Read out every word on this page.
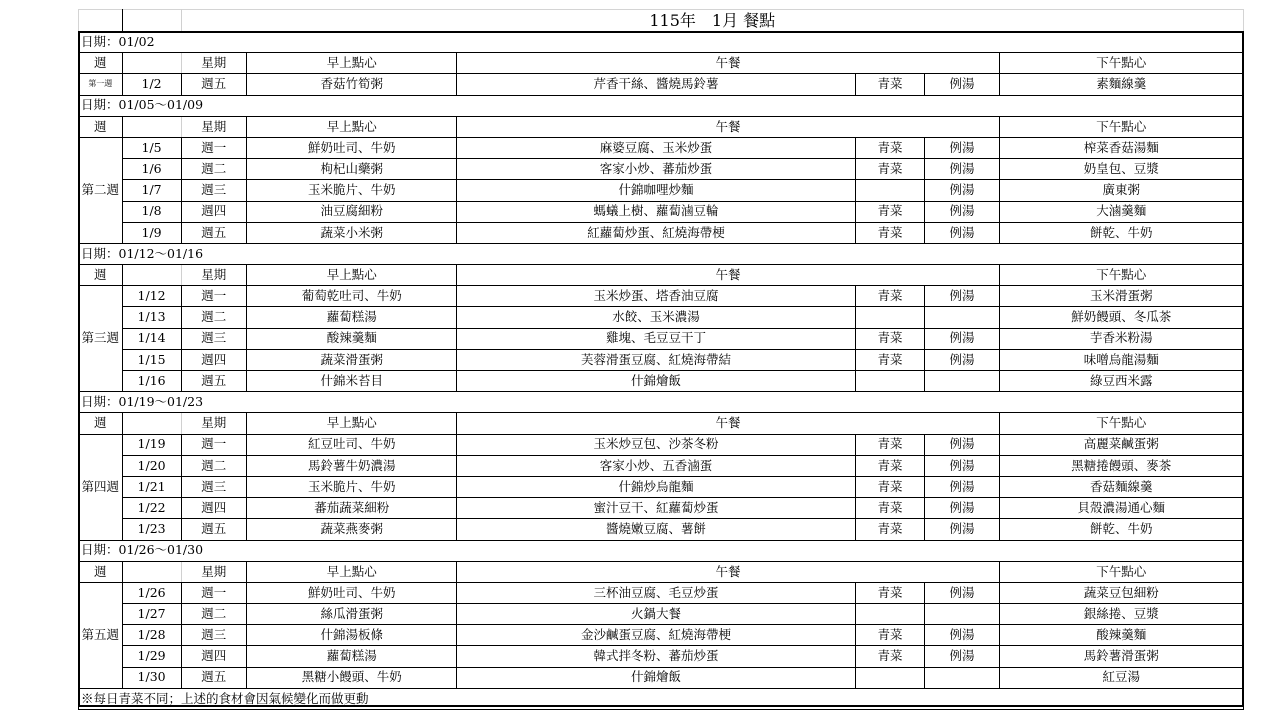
		115年　1月 餐點					
日期：01/02							
週		星期	早上點心	午餐			下午點心
第一週	1/2	週五	香菇竹筍粥	芹香干絲、醬燒馬鈴薯	青菜	例湯	素麵線羹
日期：01/05～01/09							
週		星期	早上點心	午餐			下午點心
第二週	1/5	週一	鮮奶吐司、牛奶	麻婆豆腐、玉米炒蛋	青菜	例湯	榨菜香菇湯麵
	1/6	週二	枸杞山藥粥	客家小炒、蕃茄炒蛋	青菜	例湯	奶皇包、豆漿
	1/7	週三	玉米脆片、牛奶	什錦咖哩炒麵		例湯	廣東粥
	1/8	週四	油豆腐細粉	螞蟻上樹、蘿蔔滷豆輪	青菜	例湯	大滷羹麵
	1/9	週五	蔬菜小米粥	紅蘿蔔炒蛋、紅燒海帶梗	青菜	例湯	餅乾、牛奶
日期：01/12～01/16							
週		星期	早上點心	午餐			下午點心
第三週	1/12	週一	葡萄乾吐司、牛奶	玉米炒蛋、塔香油豆腐	青菜	例湯	玉米滑蛋粥
	1/13	週二	蘿蔔糕湯	水餃、玉米濃湯			鮮奶饅頭、冬瓜茶
	1/14	週三	酸辣羹麵	雞塊、毛豆豆干丁	青菜	例湯	芋香米粉湯
	1/15	週四	蔬菜滑蛋粥	芙蓉滑蛋豆腐、紅燒海帶結	青菜	例湯	味噌烏龍湯麵
	1/16	週五	什錦米苔目	什錦燴飯			綠豆西米露
日期：01/19～01/23							
週		星期	早上點心	午餐			下午點心
第四週	1/19	週一	紅豆吐司、牛奶	玉米炒豆包、沙茶冬粉	青菜	例湯	高麗菜鹹蛋粥
	1/20	週二	馬鈴薯牛奶濃湯	客家小炒、五香滷蛋	青菜	例湯	黑糖捲饅頭、麥茶
	1/21	週三	玉米脆片、牛奶	什錦炒烏龍麵	青菜	例湯	香菇麵線羹
	1/22	週四	蕃茄蔬菜細粉	蜜汁豆干、紅蘿蔔炒蛋	青菜	例湯	貝殼濃湯通心麵
	1/23	週五	蔬菜燕麥粥	醬燒嫩豆腐、薯餅	青菜	例湯	餅乾、牛奶
日期：01/26～01/30							
週		星期	早上點心	午餐			下午點心
第五週	1/26	週一	鮮奶吐司、牛奶	三杯油豆腐、毛豆炒蛋	青菜	例湯	蔬菜豆包細粉
	1/27	週二	絲瓜滑蛋粥	火鍋大餐			銀絲捲、豆漿
	1/28	週三	什錦湯板條	金沙鹹蛋豆腐、紅燒海帶梗	青菜	例湯	酸辣羹麵
	1/29	週四	蘿蔔糕湯	韓式拌冬粉、蕃茄炒蛋	青菜	例湯	馬鈴薯滑蛋粥
	1/30	週五	黑糖小饅頭、牛奶	什錦燴飯			紅豆湯
※每日青菜不同；上述的食材會因氣候變化而做更動							
